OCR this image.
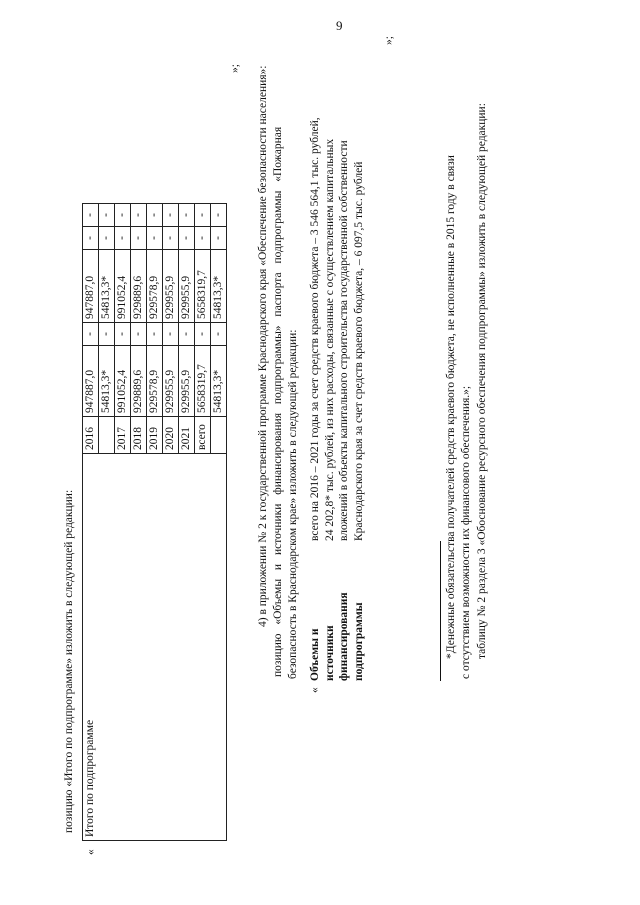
9
позицию «Итого по подпрограмме» изложить в следующей редакции:
«
Итого по подпрограмме	2016	947887,0	-	947887,0	-	-
		54813,3*	-	54813,3*	-	-
	2017	991052,4	-	991052,4	-	-
	2018	929889,6	-	929889,6	-	-
	2019	929578,9	-	929578,9	-	-
	2020	929955,9	-	929955,9	-	-
	2021	929955,9	-	929955,9	-	-
	всего	5658319,7	-	5658319,7	-	-
		54813,3*	-	54813,3*	-	-
»; 4) в приложении № 2 к государственной программе Краснодарского края «Обеспечение безопасности населения»: позицию «Объемы и источники финансирования подпрограммы» паспорта подпрограммы «Пожарная безопасность в Краснодарском крае» изложить в следующей редакции:
«
Объемы и источники финансирования подпрограммы
всего на 2016 – 2021 годы за счет средств краевого бюджета – 3 546 564,1 тыс. рублей, 24 202,8* тыс. рублей, из них расходы, связанные с осуществлением капитальных вложений в объекты капитального строительства государственной собственности Краснодарского края за счет средств краевого бюджета, – 6 097,5 тыс. рублей
»;
*Денежные обязательства получателей средств краевого бюджета, не исполненные в 2015 году в связи с отсутствием возможности их финансового обеспечения.»; таблицу № 2 раздела 3 «Обоснование ресурсного обеспечения подпрограммы» изложить в следующей редакции:
